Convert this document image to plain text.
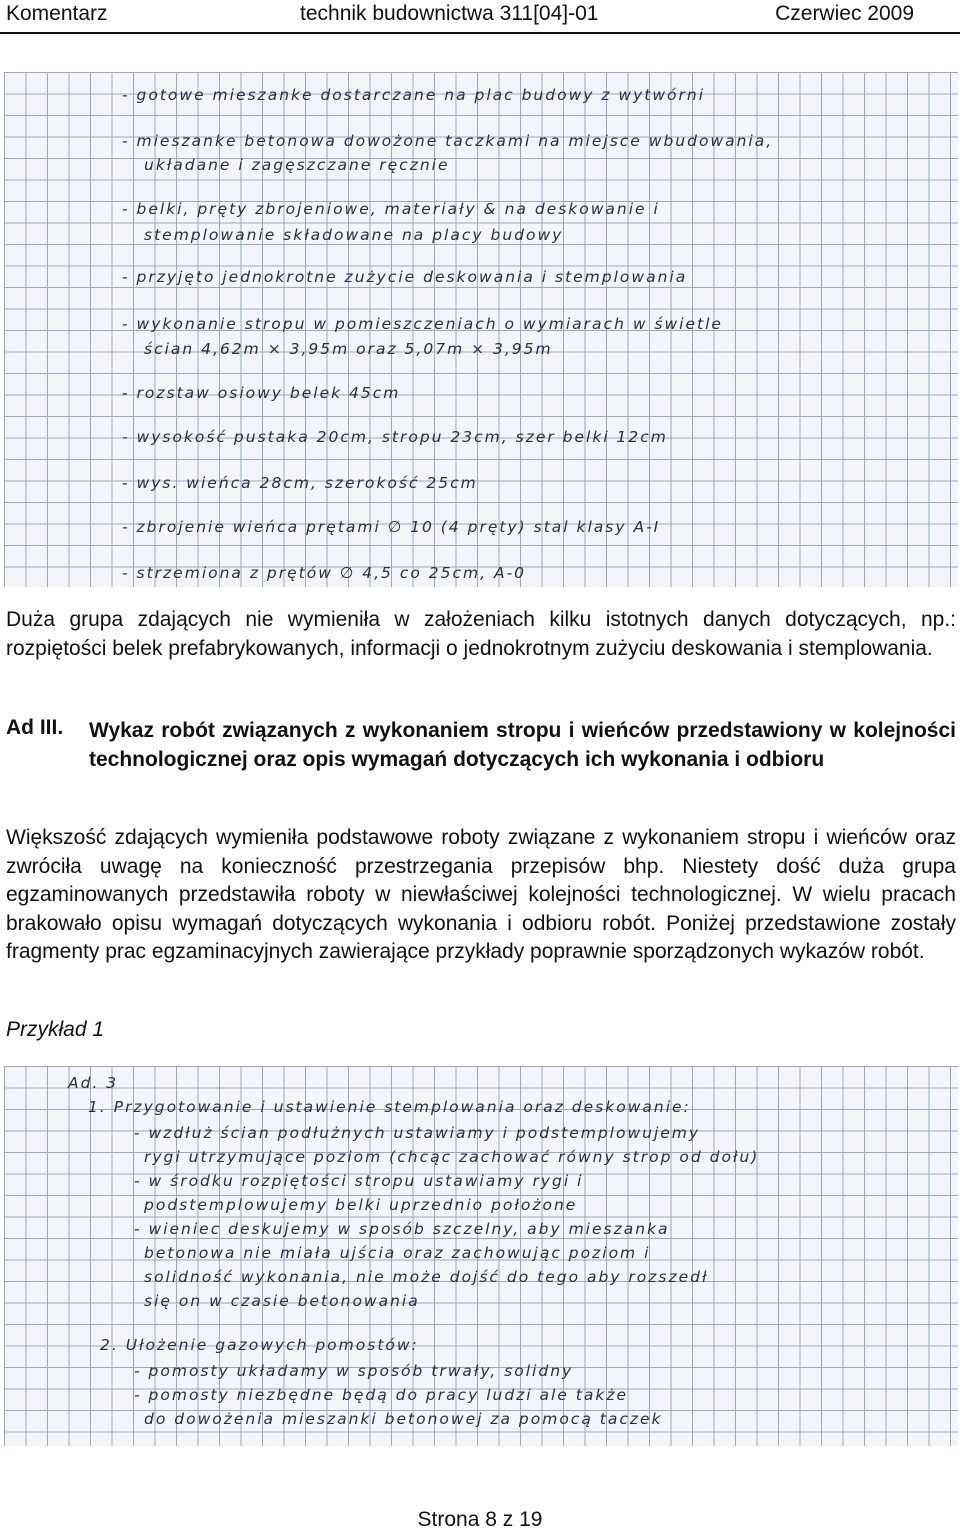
Komentarz	technik budownictwa 311[04]-01	Czerwiec 2009
- gotowe mieszanke dostarczane na plac budowy z wytwórni
- mieszanke betonowa dowożone taczkami na miejsce wbudowania,
układane i zagęszczane ręcznie
- belki, pręty zbrojeniowe, materiały & na deskowanie i
stemplowanie składowane na placy budowy
- przyjęto jednokrotne zużycie deskowania i stemplowania
- wykonanie stropu w pomieszczeniach o wymiarach w świetle
ścian 4,62m × 3,95m oraz 5,07m × 3,95m
- rozstaw osiowy belek 45cm
- wysokość pustaka 20cm, stropu 23cm, szer belki 12cm
- wys. wieńca 28cm, szerokość 25cm
- zbrojenie wieńca prętami ∅ 10 (4 pręty) stal klasy A-I
- strzemiona z prętów ∅ 4,5 co 25cm, A-0

Duża grupa zdających nie wymieniła w założeniach kilku istotnych danych dotyczących, np.: rozpiętości belek prefabrykowanych, informacji o jednokrotnym zużyciu deskowania i stemplowania.

Ad III. Wykaz robót związanych z wykonaniem stropu i wieńców przedstawiony w kolejności technologicznej oraz opis wymagań dotyczących ich wykonania i odbioru

Większość zdających wymieniła podstawowe roboty związane z wykonaniem stropu i wieńców oraz zwróciła uwagę na konieczność przestrzegania przepisów bhp. Niestety dość duża grupa egzaminowanych przedstawiła roboty w niewłaściwej kolejności technologicznej. W wielu pracach brakowało opisu wymagań dotyczących wykonania i odbioru robót. Poniżej przedstawione zostały fragmenty prac egzaminacyjnych zawierające przykłady poprawnie sporządzonych wykazów robót.

Przykład 1
Ad. 3
1. Przygotowanie i ustawienie stemplowania oraz deskowanie:
- wzdłuż ścian podłużnych ustawiamy i podstemplowujemy
rygi utrzymujące poziom (chcąc zachować równy strop od dołu)
- w środku rozpiętości stropu ustawiamy rygi i
podstemplowujemy belki uprzednio położone
- wieniec deskujemy w sposób szczelny, aby mieszanka
betonowa nie miała ujścia oraz zachowując poziom i
solidność wykonania, nie może dojść do tego aby rozszedł
się on w czasie betonowania
2. Ułożenie gazowych pomostów:
- pomosty układamy w sposób trwały, solidny
- pomosty niezbędne będą do pracy ludzi ale także
do dowożenia mieszanki betonowej za pomocą taczek
Strona 8 z 19
